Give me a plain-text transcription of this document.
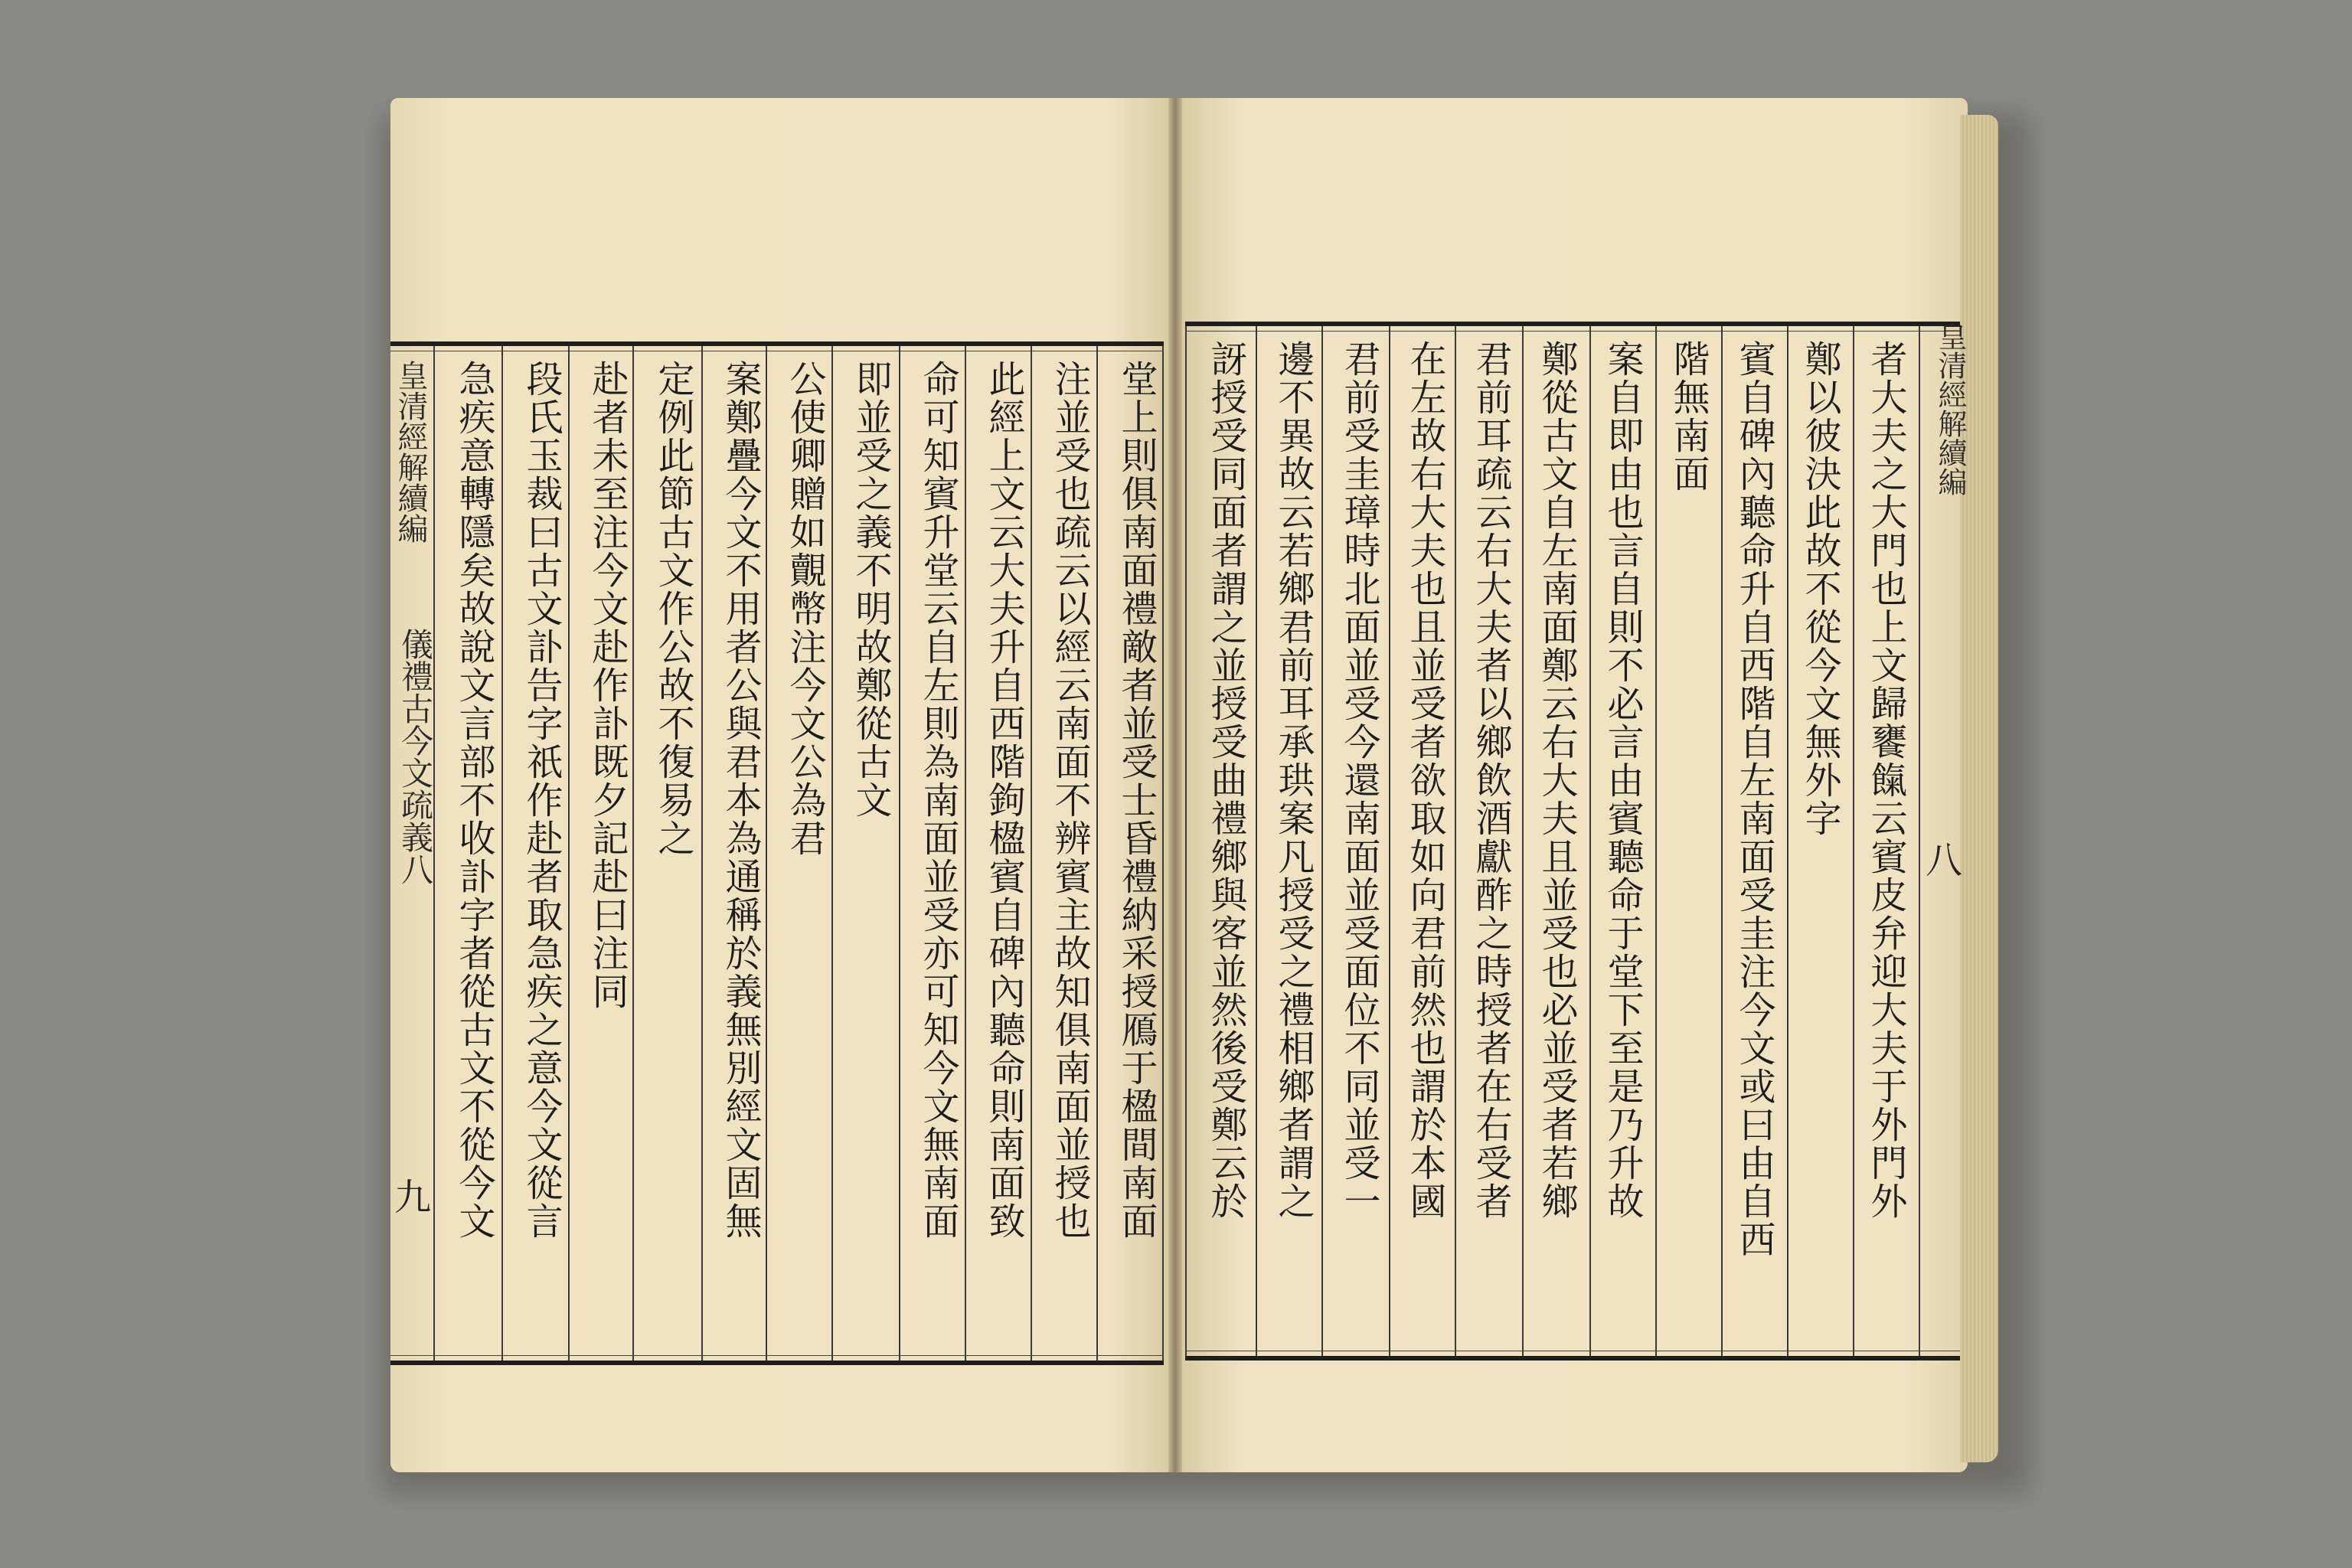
堂上則俱南面禮敵者並受士昏禮納采授鴈于楹間南面
注並受也疏云以經云南面不辨賓主故知俱南面並授也
此經上文云大夫升自西階鉤楹賓自碑內聽命則南面致
命可知賓升堂云自左則為南面並受亦可知今文無南面
即並受之義不明故鄭從古文
公使卿贈如覿幣注今文公為君
案鄭疊今文不用者公與君本為通稱於義無別經文固無
定例此節古文作公故不復易之
赴者未至注今文赴作訃既夕記赴曰注同
段氏玉裁曰古文訃告字祇作赴者取急疾之意今文從言
急疾意轉隱矣故說文言部不收訃字者從古文不從今文
皇清經解續編
儀禮古今文疏義八
九	者大夫之大門也上文歸饔餼云賓皮弁迎大夫于外門外
鄭以彼決此故不從今文無外字
賓自碑內聽命升自西階自左南面受圭注今文或曰由自西
階無南面
案自即由也言自則不必言由賓聽命于堂下至是乃升故
鄭從古文自左南面鄭云右大夫且並受也必並受者若鄉
君前耳疏云右大夫者以鄉飲酒獻酢之時授者在右受者
在左故右大夫也且並受者欲取如向君前然也謂於本國
君前受圭璋時北面並受今還南面並受面位不同並受一
邊不異故云若鄉君前耳承珙案凡授受之禮相鄉者謂之
訝授受同面者謂之並授受曲禮鄉與客並然後受鄭云於	皇清經解續編
八
